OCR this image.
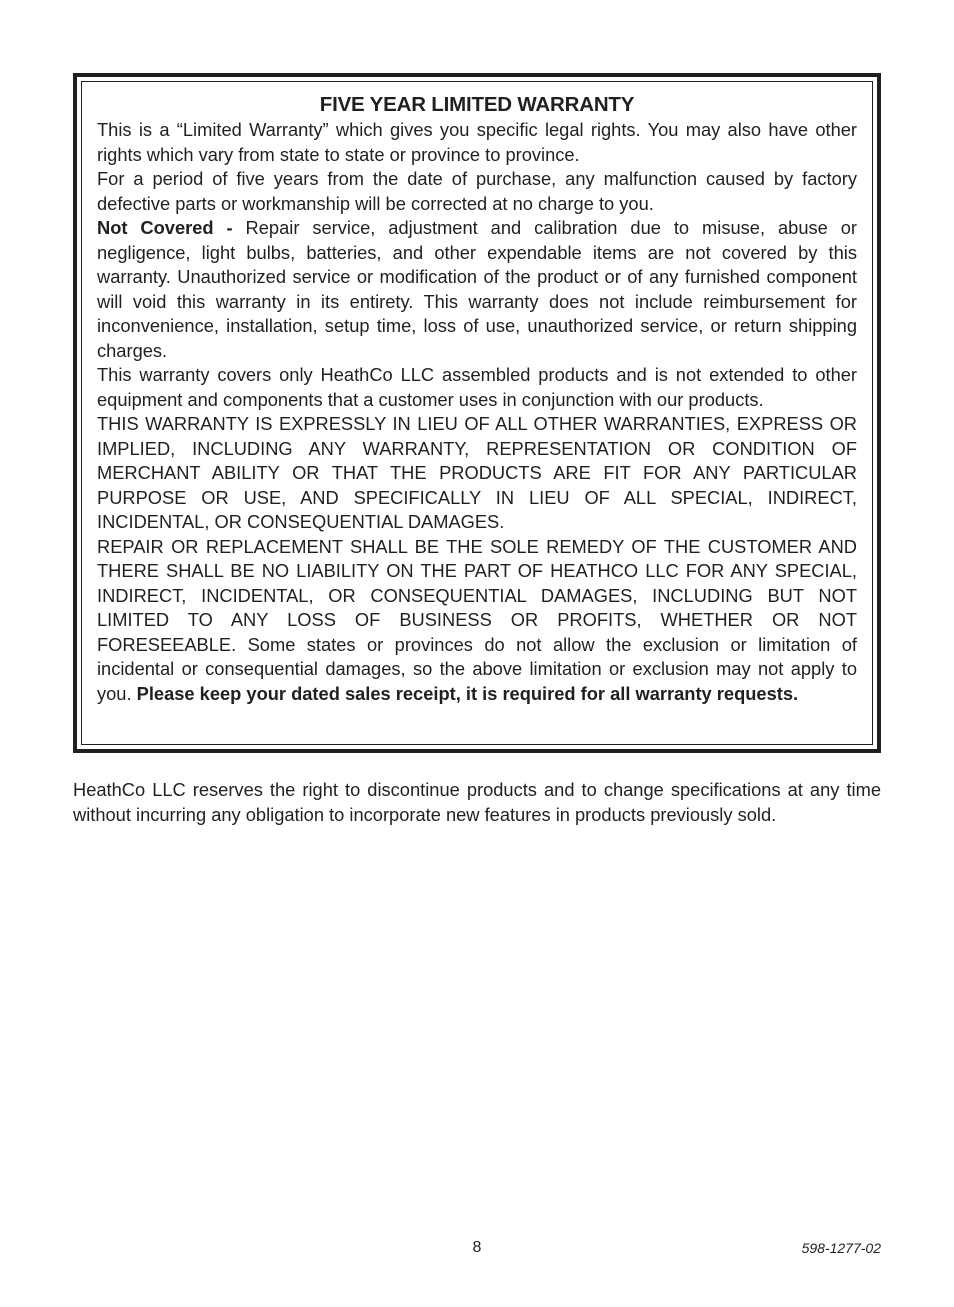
FIVE YEAR LIMITED WARRANTY

This is a “Limited Warranty” which gives you specific legal rights. You may also have other rights which vary from state to state or province to province.

For a period of five years from the date of purchase, any malfunction caused by factory defective parts or workmanship will be corrected at no charge to you.

Not Covered - Repair service, adjustment and calibration due to misuse, abuse or negligence, light bulbs, batteries, and other expendable items are not covered by this warranty. Unauthorized service or modification of the product or of any furnished component will void this warranty in its entirety. This warranty does not include reimbursement for inconvenience, installation, setup time, loss of use, unauthorized service, or return shipping charges.

This warranty covers only HeathCo LLC assembled products and is not extended to other equipment and components that a customer uses in conjunction with our products.

THIS WARRANTY IS EXPRESSLY IN LIEU OF ALL OTHER WARRANTIES, EXPRESS OR IMPLIED, INCLUDING ANY WARRANTY, REPRESENTATION OR CONDITION OF MERCHANT ABILITY OR THAT THE PRODUCTS ARE FIT FOR ANY PARTICULAR PURPOSE OR USE, AND SPECIFICALLY IN LIEU OF ALL SPECIAL, INDIRECT, INCIDENTAL, OR CONSEQUENTIAL DAMAGES.

REPAIR OR REPLACEMENT SHALL BE THE SOLE REMEDY OF THE CUSTOMER AND THERE SHALL BE NO LIABILITY ON THE PART OF HEATHCO LLC FOR ANY SPECIAL, INDIRECT, INCIDENTAL, OR CONSEQUENTIAL DAMAGES, INCLUDING BUT NOT LIMITED TO ANY LOSS OF BUSINESS OR PROFITS, WHETHER OR NOT FORESEEABLE. Some states or provinces do not allow the exclusion or limitation of incidental or consequential damages, so the above limitation or exclusion may not apply to you. Please keep your dated sales receipt, it is required for all warranty requests.

HeathCo LLC reserves the right to discontinue products and to change specifications at any time without incurring any obligation to incorporate new features in products previously sold.

8	598-1277-02
